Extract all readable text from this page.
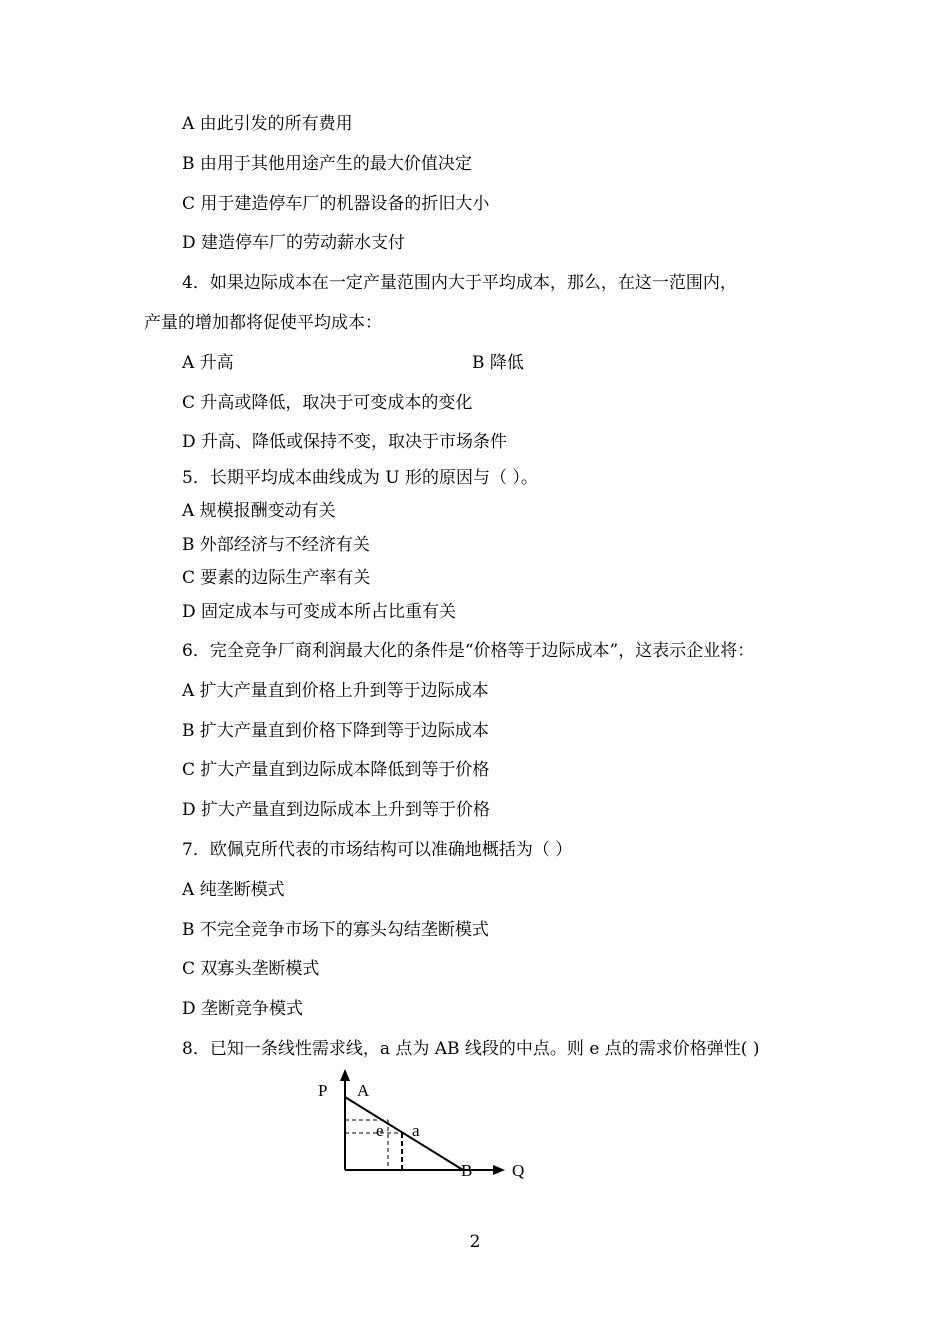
A 由此引发的所有费用
B 由用于其他用途产生的最大价值决定
C 用于建造停车厂的机器设备的折旧大小
D 建造停车厂的劳动薪水支付
4．如果边际成本在一定产量范围内大于平均成本，那么，在这一范围内，
产量的增加都将促使平均成本：
A 升高	B 降低
C 升高或降低，取决于可变成本的变化
D 升高、降低或保持不变，取决于市场条件
5．长期平均成本曲线成为 U 形的原因与（ ）。
A 规模报酬变动有关
B 外部经济与不经济有关
C 要素的边际生产率有关
D 固定成本与可变成本所占比重有关
6．完全竞争厂商利润最大化的条件是“价格等于边际成本”，这表示企业将：
A 扩大产量直到价格上升到等于边际成本
B 扩大产量直到价格下降到等于边际成本
C 扩大产量直到边际成本降低到等于价格
D 扩大产量直到边际成本上升到等于价格
7．欧佩克所代表的市场结构可以准确地概括为（ ）
A 纯垄断模式
B 不完全竞争市场下的寡头勾结垄断模式
C 双寡头垄断模式
D 垄断竞争模式
8．已知一条线性需求线，a 点为 AB 线段的中点。则 e 点的需求价格弹性( )
P A
e a
B Q
2
